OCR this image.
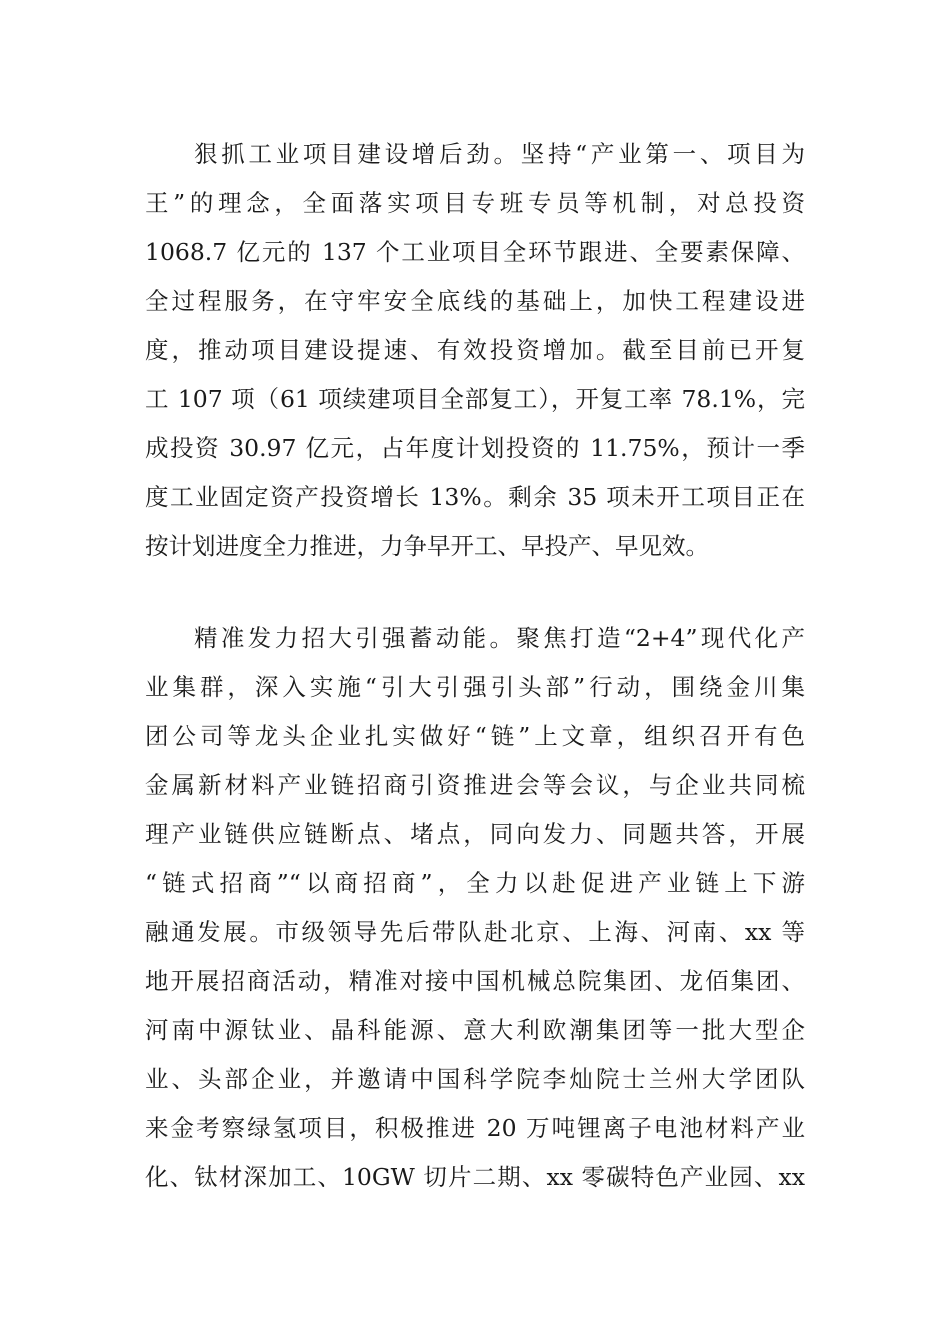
狠抓工业项目建设增后劲。坚持“产业第一、项目为
王”的理念，全面落实项目专班专员等机制，对总投资
1068.7 亿元的 137 个工业项目全环节跟进、全要素保障、
全过程服务，在守牢安全底线的基础上，加快工程建设进
度，推动项目建设提速、有效投资增加。截至目前已开复
工 107 项（61 项续建项目全部复工），开复工率 78.1%，完
成投资 30.97 亿元，占年度计划投资的 11.75%，预计一季
度工业固定资产投资增长 13%。剩余 35 项未开工项目正在
按计划进度全力推进，力争早开工、早投产、早见效。
精准发力招大引强蓄动能。聚焦打造“2+4”现代化产
业集群，深入实施“引大引强引头部”行动，围绕金川集
团公司等龙头企业扎实做好“链”上文章，组织召开有色
金属新材料产业链招商引资推进会等会议，与企业共同梳
理产业链供应链断点、堵点，同向发力、同题共答，开展
“链式招商”“以商招商”，全力以赴促进产业链上下游
融通发展。市级领导先后带队赴北京、上海、河南、xx 等
地开展招商活动，精准对接中国机械总院集团、龙佰集团、
河南中源钛业、晶科能源、意大利欧潮集团等一批大型企
业、头部企业，并邀请中国科学院李灿院士兰州大学团队
来金考察绿氢项目，积极推进 20 万吨锂离子电池材料产业
化、钛材深加工、10GW 切片二期、xx 零碳特色产业园、xx
